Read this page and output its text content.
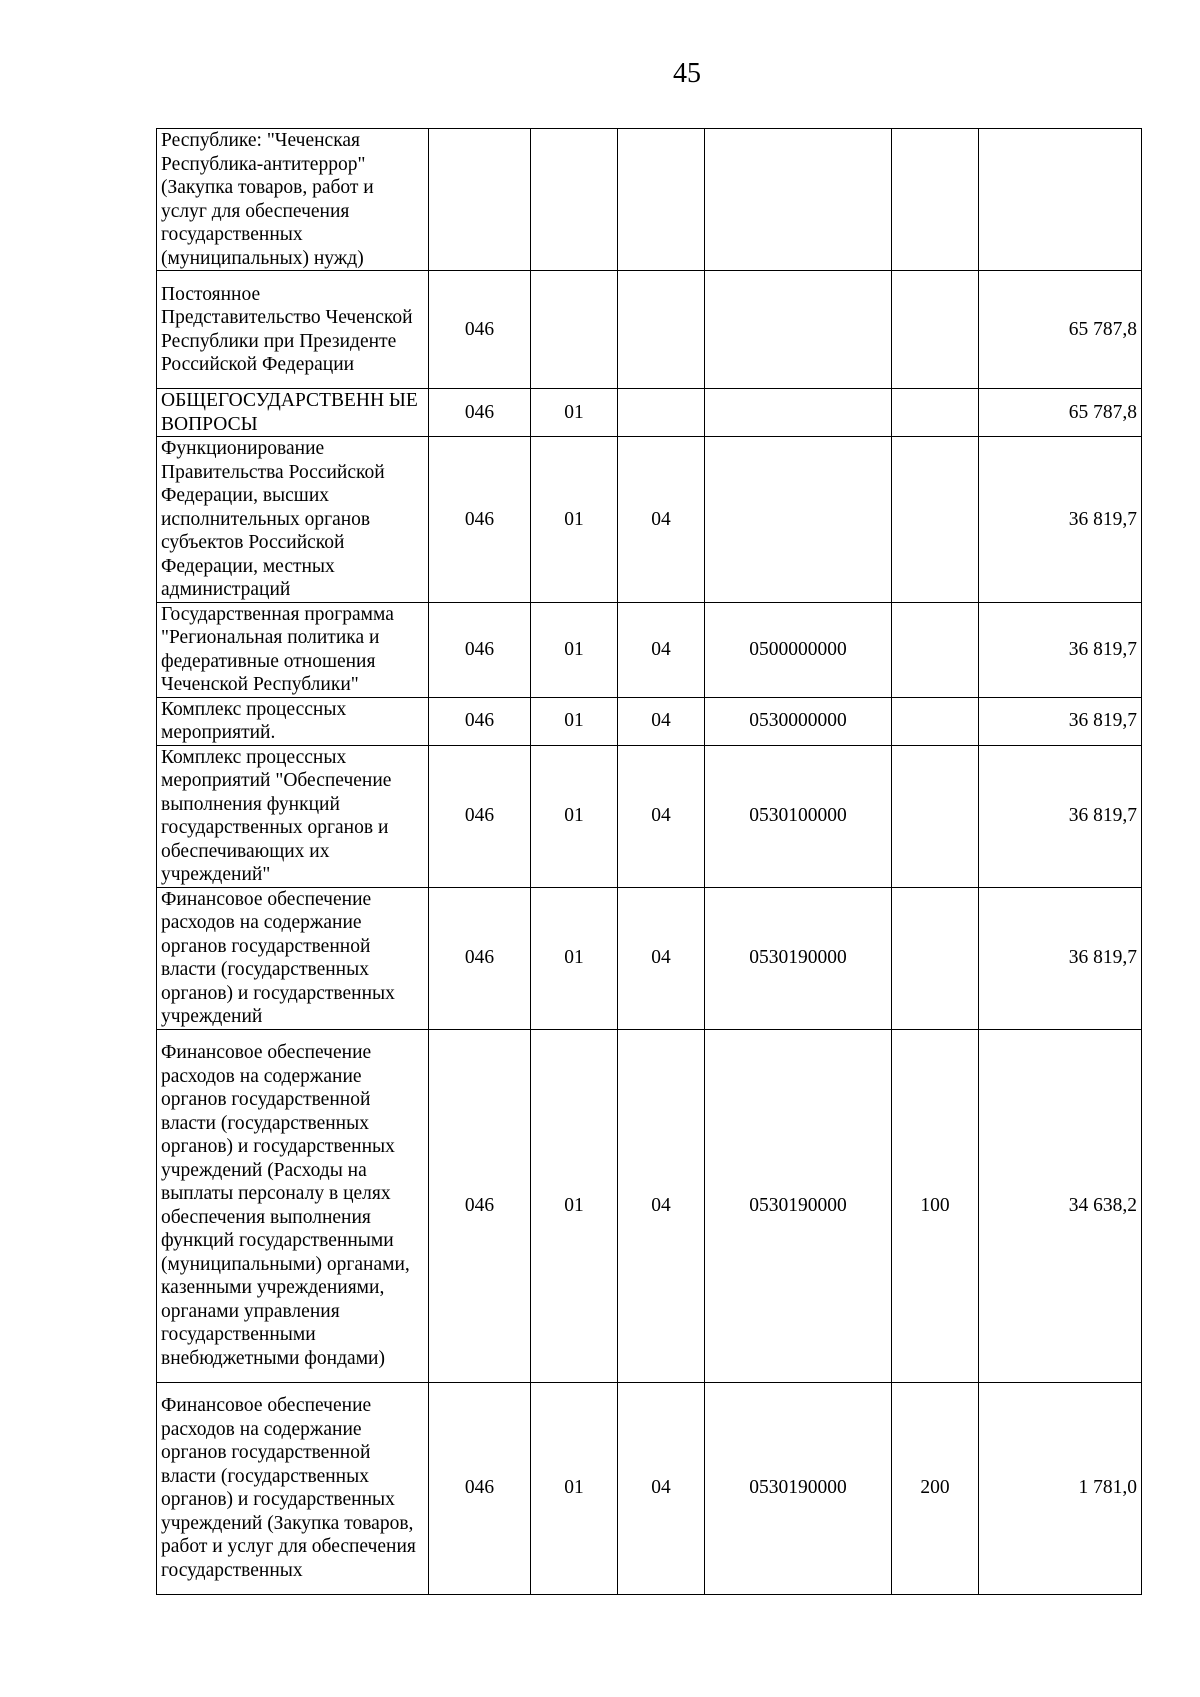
45
Республике: "Чеченская Республика-антитеррор" (Закупка товаров, работ и услуг для обеспечения государственных (муниципальных) нужд)						
Постоянное Представительство Чеченской Республики при Президенте Российской Федерации	046					65 787,8
ОБЩЕГОСУДАРСТВЕНН ЫЕ ВОПРОСЫ	046	01				65 787,8
Функционирование Правительства Российской Федерации, высших исполнительных органов субъектов Российской Федерации, местных администраций	046	01	04			36 819,7
Государственная программа "Региональная политика и федеративные отношения Чеченской Республики"	046	01	04	0500000000		36 819,7
Комплекс процессных мероприятий.	046	01	04	0530000000		36 819,7
Комплекс процессных мероприятий "Обеспечение выполнения функций государственных органов и обеспечивающих их учреждений"	046	01	04	0530100000		36 819,7
Финансовое обеспечение расходов на содержание органов государственной власти (государственных органов) и государственных учреждений	046	01	04	0530190000		36 819,7
Финансовое обеспечение расходов на содержание органов государственной власти (государственных органов) и государственных учреждений (Расходы на выплаты персоналу в целях обеспечения выполнения функций государственными (муниципальными) органами, казенными учреждениями, органами управления государственными внебюджетными фондами)	046	01	04	0530190000	100	34 638,2
Финансовое обеспечение расходов на содержание органов государственной власти (государственных органов) и государственных учреждений (Закупка товаров, работ и услуг для обеспечения государственных	046	01	04	0530190000	200	1 781,0
